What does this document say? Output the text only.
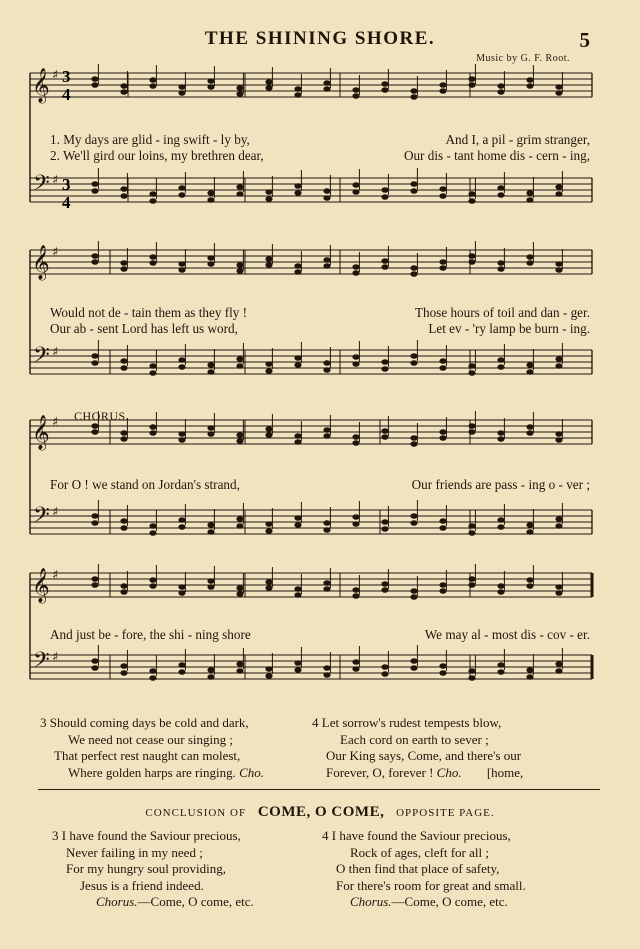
THE SHINING SHORE.	5
Music by G. F. Root.
♯
♯
𝄞
𝄢
♯
♯
𝄞
𝄢
♯
♯
𝄞
𝄢
♯
♯
𝄞
𝄢
3
4
3
4
1. My days are glid - ing swift - ly by,	And I, a pil - grim stranger,
2. We'll gird our loins, my brethren dear,	Our dis - tant home dis - cern - ing,
Would not de - tain them as they fly !	Those hours of toil and dan - ger.
Our ab - sent Lord has left us word,	Let ev - 'ry lamp be burn - ing.
CHORUS.
For O ! we stand on Jordan's strand,	Our friends are pass - ing o - ver ;
And just be - fore, the shi - ning shore	We may al - most dis - cov - er.
3 Should coming days be cold and dark,
We need not cease our singing ;
That perfect rest naught can molest,
Where golden harps are ringing. Cho.
4 Let sorrow's rudest tempests blow,
Each cord on earth to sever ;
Our King says, Come, and there's our
Forever, O, forever ! Cho. [home,
CONCLUSION OF COME, O COME, OPPOSITE PAGE.
3 I have found the Saviour precious,
Never failing in my need ;
For my hungry soul providing,
Jesus is a friend indeed.
Chorus.—Come, O come, etc.
4 I have found the Saviour precious,
Rock of ages, cleft for all ;
O then find that place of safety,
For there's room for great and small.
Chorus.—Come, O come, etc.
